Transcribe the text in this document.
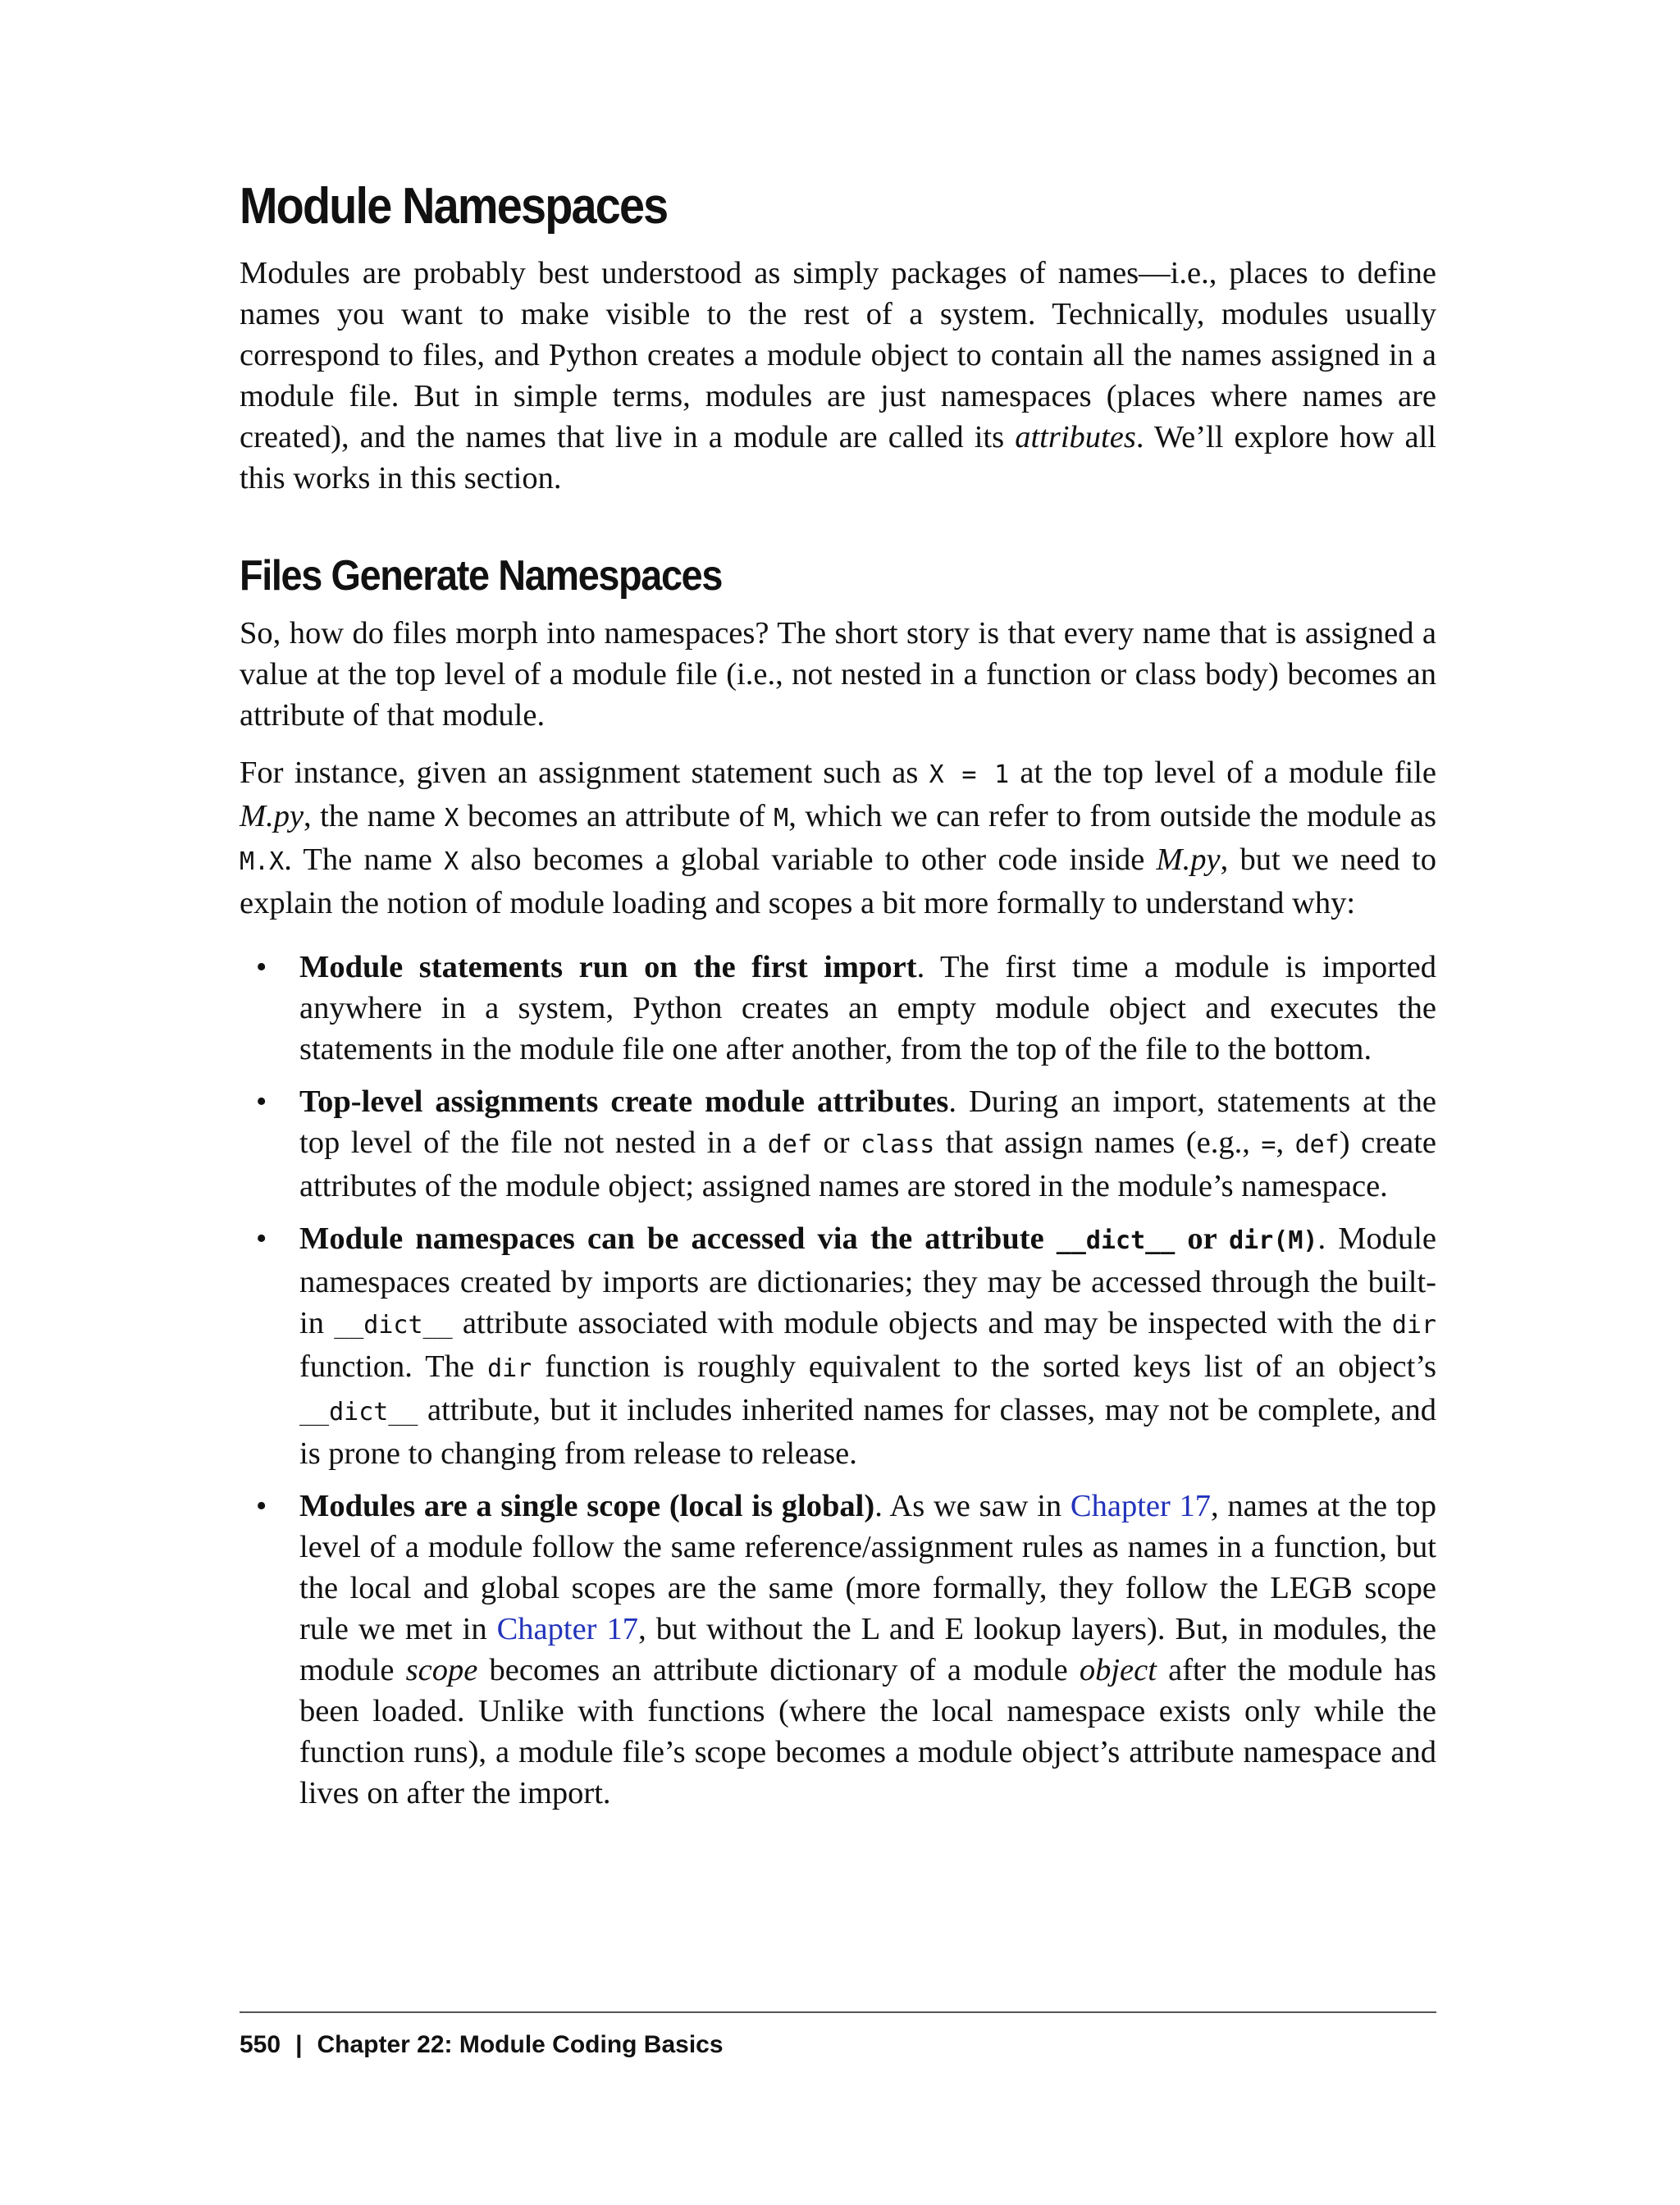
Module Namespaces

Modules are probably best understood as simply packages of names—i.e., places to define names you want to make visible to the rest of a system. Technically, modules usually correspond to files, and Python creates a module object to contain all the names assigned in a module file. But in simple terms, modules are just namespaces (places where names are created), and the names that live in a module are called its attributes. We’ll explore how all this works in this section.

Files Generate Namespaces

So, how do files morph into namespaces? The short story is that every name that is assigned a value at the top level of a module file (i.e., not nested in a function or class body) becomes an attribute of that module.

For instance, given an assignment statement such as X = 1 at the top level of a module file M.py, the name X becomes an attribute of M, which we can refer to from outside the module as M.X. The name X also becomes a global variable to other code inside M.py, but we need to explain the notion of module loading and scopes a bit more formally to understand why:

• Module statements run on the first import. The first time a module is imported anywhere in a system, Python creates an empty module object and executes the statements in the module file one after another, from the top of the file to the bottom.

• Top-level assignments create module attributes. During an import, statements at the top level of the file not nested in a def or class that assign names (e.g., =, def) create attributes of the module object; assigned names are stored in the module’s namespace.

• Module namespaces can be accessed via the attribute __dict__ or dir(M). Module namespaces created by imports are dictionaries; they may be accessed through the built-in __dict__ attribute associated with module objects and may be inspected with the dir function. The dir function is roughly equivalent to the sorted keys list of an object’s __dict__ attribute, but it includes inherited names for classes, may not be complete, and is prone to changing from release to release.

• Modules are a single scope (local is global). As we saw in Chapter 17, names at the top level of a module follow the same reference/assignment rules as names in a function, but the local and global scopes are the same (more formally, they follow the LEGB scope rule we met in Chapter 17, but without the L and E lookup layers). But, in modules, the module scope becomes an attribute dictionary of a module object after the module has been loaded. Unlike with functions (where the local namespace exists only while the function runs), a module file’s scope becomes a module object’s attribute namespace and lives on after the import.

550 | Chapter 22: Module Coding Basics
